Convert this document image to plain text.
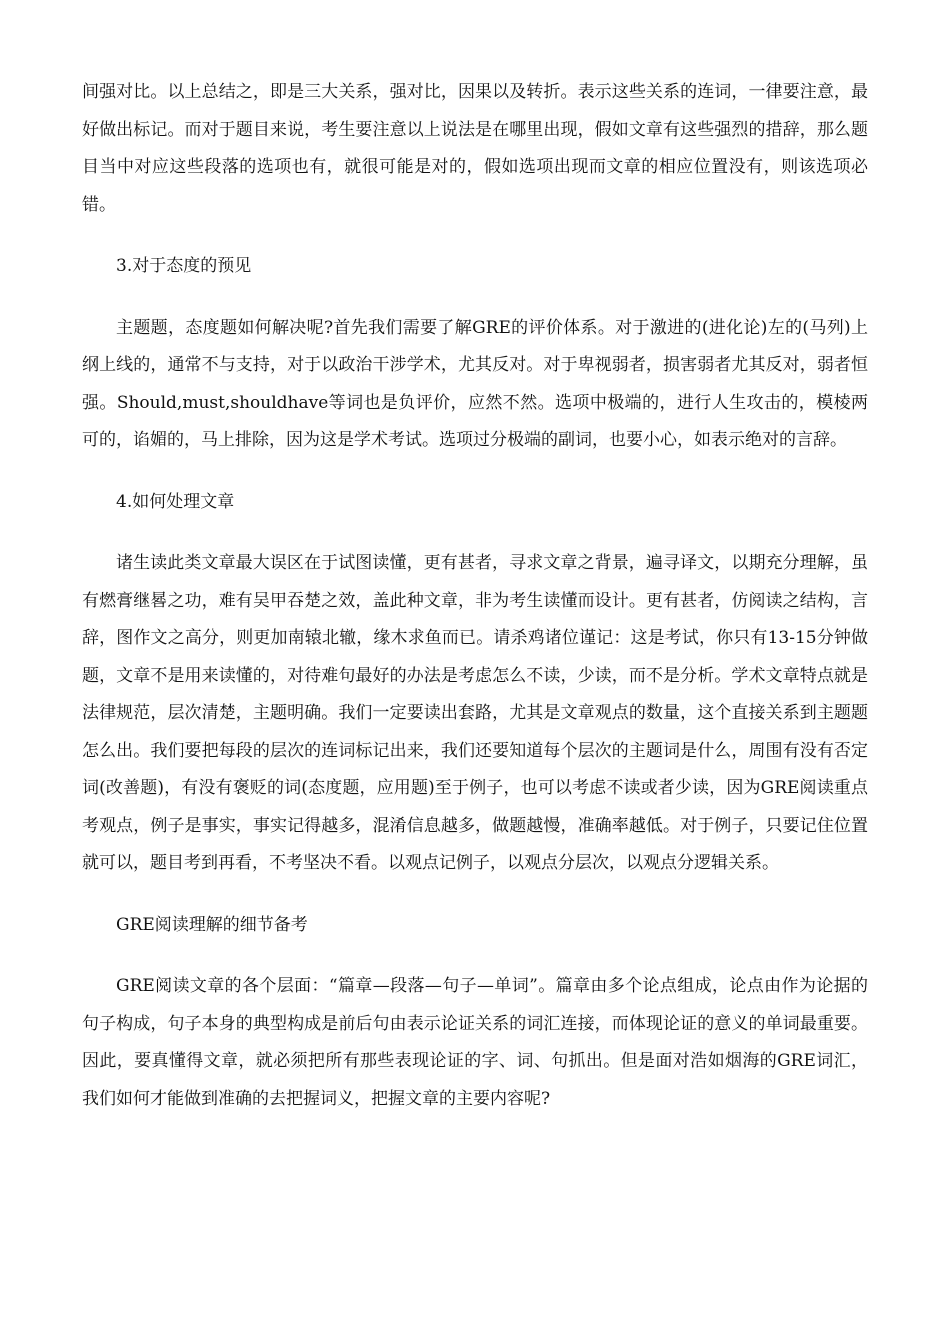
间强对比。以上总结之，即是三大关系，强对比，因果以及转折。表示这些关系的连词，一律要注意，最好做出标记。而对于题目来说，考生要注意以上说法是在哪里出现，假如文章有这些强烈的措辞，那么题目当中对应这些段落的选项也有，就很可能是对的，假如选项出现而文章的相应位置没有，则该选项必错。

3.对于态度的预见

主题题，态度题如何解决呢?首先我们需要了解GRE的评价体系。对于激进的(进化论)左的(马列)上纲上线的，通常不与支持，对于以政治干涉学术，尤其反对。对于卑视弱者，损害弱者尤其反对，弱者恒强。Should,must,shouldhave等词也是负评价，应然不然。选项中极端的，进行人生攻击的，模棱两可的，谄媚的，马上排除，因为这是学术考试。选项过分极端的副词，也要小心，如表示绝对的言辞。

4.如何处理文章

诸生读此类文章最大误区在于试图读懂，更有甚者，寻求文章之背景，遍寻译文，以期充分理解，虽有燃膏继晷之功，难有吴甲吞楚之效，盖此种文章，非为考生读懂而设计。更有甚者，仿阅读之结构，言辞，图作文之高分，则更加南辕北辙，缘木求鱼而已。请杀鸡诸位谨记：这是考试，你只有13-15分钟做题，文章不是用来读懂的，对待难句最好的办法是考虑怎么不读，少读，而不是分析。学术文章特点就是法律规范，层次清楚，主题明确。我们一定要读出套路，尤其是文章观点的数量，这个直接关系到主题题怎么出。我们要把每段的层次的连词标记出来，我们还要知道每个层次的主题词是什么，周围有没有否定词(改善题)，有没有褒贬的词(态度题，应用题)至于例子，也可以考虑不读或者少读，因为GRE阅读重点考观点，例子是事实，事实记得越多，混淆信息越多，做题越慢，准确率越低。对于例子，只要记住位置就可以，题目考到再看，不考坚决不看。以观点记例子，以观点分层次，以观点分逻辑关系。

GRE阅读理解的细节备考

GRE阅读文章的各个层面：“篇章—段落—句子—单词”。篇章由多个论点组成，论点由作为论据的句子构成，句子本身的典型构成是前后句由表示论证关系的词汇连接，而体现论证的意义的单词最重要。因此，要真懂得文章，就必须把所有那些表现论证的字、词、句抓出。但是面对浩如烟海的GRE词汇，我们如何才能做到准确的去把握词义，把握文章的主要内容呢?
